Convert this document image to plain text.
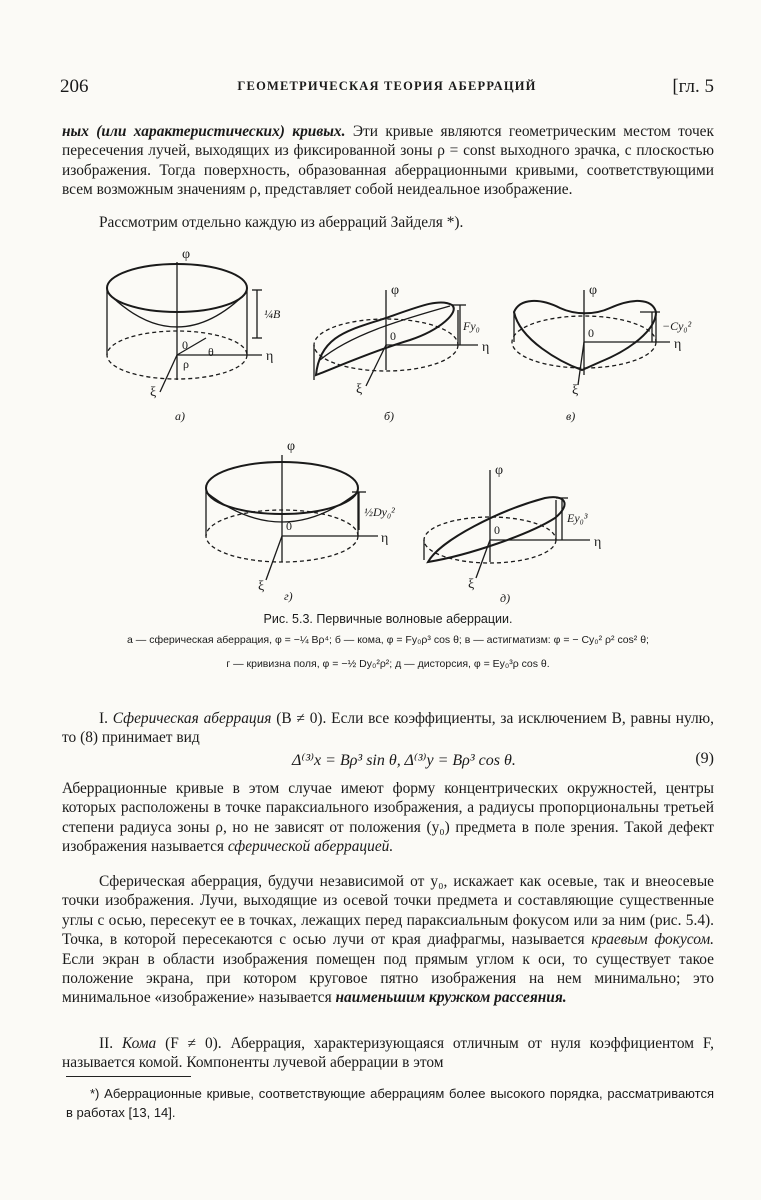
206	ГЕОМЕТРИЧЕСКАЯ ТЕОРИЯ АБЕРРАЦИЙ	[гл. 5

ных (или характеристических) кривых. Эти кривые являются геометрическим местом точек пересечения лучей, выходящих из фиксированной зоны ρ = const выходного зрачка, с плоскостью изображения. Тогда поверхность, образованная аберрационными кривыми, соответствующими всем возможным значениям ρ, представляет собой неидеальное изображение.

Рассмотрим отдельно каждую из аберраций Зайделя *).

φ
η
ξ
0
ρ
θ
¼B
а)
φ
η
ξ
0
Fy₀
б)
φ
η
ξ
0	−Cy₀²
в)
φ
η
ξ
0
½Dy₀²
г)
φ
η
ξ
0
Ey₀³
д)
Рис. 5.3. Первичные волновые аберрации.
а — сферическая аберрация, φ = −¼ Bρ⁴; б — кома, φ = Fy₀ρ³ cos θ; в — астигматизм: φ = − Cy₀² ρ² cos² θ;
г — кривизна поля, φ = −½ Dy₀²ρ²; д — дисторсия, φ = Ey₀³ρ cos θ.

I. Сферическая аберрация (B ≠ 0). Если все коэффициенты, за исключением B, равны нулю, то (8) принимает вид

Δ⁽³⁾x = Bρ³ sin θ, Δ⁽³⁾y = Bρ³ cos θ.	(9)

Аберрационные кривые в этом случае имеют форму концентрических окружностей, центры которых расположены в точке параксиального изображения, а радиусы пропорциональны третьей степени радиуса зоны ρ, но не зависят от положения (y₀) предмета в поле зрения. Такой дефект изображения называется сферической аберрацией.

Сферическая аберрация, будучи независимой от y₀, искажает как осевые, так и внеосевые точки изображения. Лучи, выходящие из осевой точки предмета и составляющие существенные углы с осью, пересекут ее в точках, лежащих перед параксиальным фокусом или за ним (рис. 5.4). Точка, в которой пересекаются с осью лучи от края диафрагмы, называется краевым фокусом. Если экран в области изображения помещен под прямым углом к оси, то существует такое положение экрана, при котором круговое пятно изображения на нем минимально; это минимальное «изображение» называется наименьшим кружком рассеяния.

II. Кома (F ≠ 0). Аберрация, характеризующаяся отличным от нуля коэффициентом F, называется комой. Компоненты лучевой аберрации в этом

*) Аберрационные кривые, соответствующие аберрациям более высокого порядка, рассматриваются в работах [13, 14].
